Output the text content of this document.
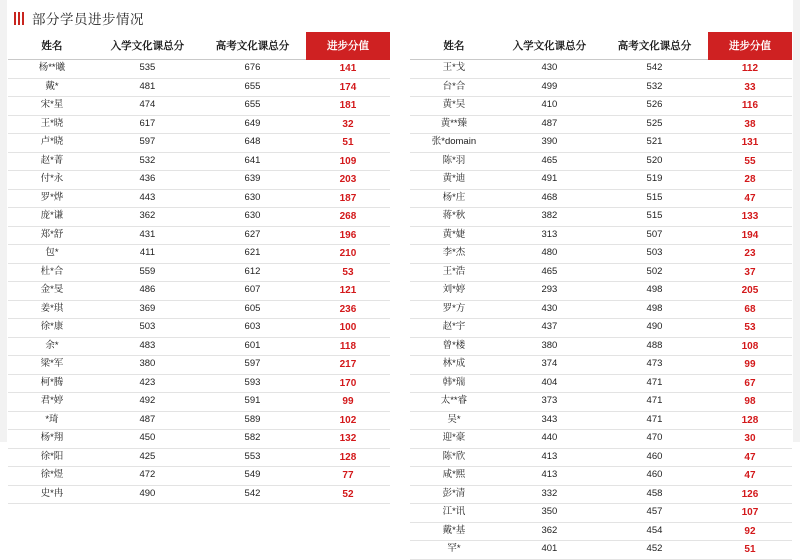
部分学员进步情况
姓名	入学文化课总分	高考文化课总分	进步分值
杨**曦	535	676	141
戴*	481	655	174
宋*星	474	655	181
王*晓	617	649	32
卢*晓	597	648	51
赵*菁	532	641	109
付*永	436	639	203
罗*烨	443	630	187
庞*谦	362	630	268
郑*舒	431	627	196
包*	411	621	210
杜*合	559	612	53
金*旻	486	607	121
姜*琪	369	605	236
徐*康	503	603	100
余*	483	601	118
梁*军	380	597	217
柯*腾	423	593	170
君*婷	492	591	99
*琦	487	589	102
杨*翔	450	582	132
徐*阳	425	553	128
徐*煜	472	549	77
史*冉	490	542	52
姓名	入学文化课总分	高考文化课总分	进步分值
王*戈	430	542	112
台*合	499	532	33
黄*吴	410	526	116
黄**臻	487	525	38
张*domain	390	521	131
陈*羽	465	520	55
黄*迪	491	519	28
杨*庄	468	515	47
蒋*秋	382	515	133
黄*婕	313	507	194
李*杰	480	503	23
王*浩	465	502	37
刘*婷	293	498	205
罗*方	430	498	68
赵*宇	437	490	53
曾*楼	380	488	108
林*成	374	473	99
韩*瑞	404	471	67
太**睿	373	471	98
吴*	343	471	128
迎*豪	440	470	30
陈*欣	413	460	47
咸*熙	413	460	47
彭*清	332	458	126
江*讯	350	457	107
戴*基	362	454	92
罕*	401	452	51
